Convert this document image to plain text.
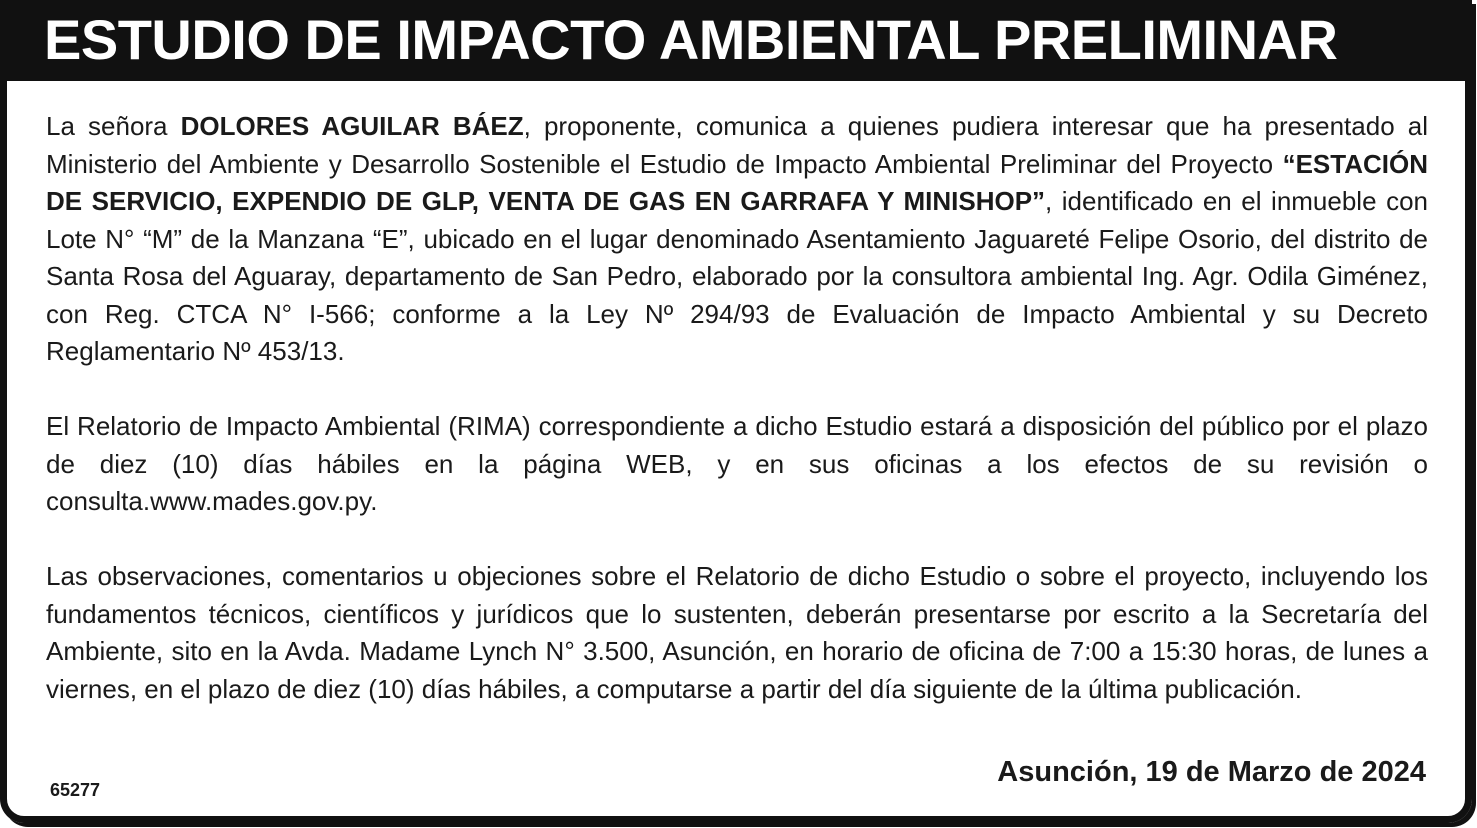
ESTUDIO DE IMPACTO AMBIENTAL PRELIMINAR

La señora DOLORES AGUILAR BÁEZ, proponente, comunica a quienes pudiera interesar que ha presentado al Ministerio del Ambiente y Desarrollo Sostenible el Estudio de Impacto Ambiental Preliminar del Proyecto “ESTACIÓN DE SERVICIO, EXPENDIO DE GLP, VENTA DE GAS EN GARRAFA Y MINISHOP”, identificado en el inmueble con Lote N° “M” de la Manzana “E”, ubicado en el lugar denominado Asentamiento Jaguareté Felipe Osorio, del distrito de Santa Rosa del Aguaray, departamento de San Pedro, elaborado por la consultora ambiental Ing. Agr. Odila Giménez, con Reg. CTCA N° I-566; conforme a la Ley Nº 294/93 de Evaluación de Impacto Ambiental y su Decreto Reglamentario Nº 453/13.

El Relatorio de Impacto Ambiental (RIMA) correspondiente a dicho Estudio estará a disposición del público por el plazo de diez (10) días hábiles en la página WEB, y en sus oficinas a los efectos de su revisión o consulta.www.mades.gov.py.

Las observaciones, comentarios u objeciones sobre el Relatorio de dicho Estudio o sobre el proyecto, incluyendo los fundamentos técnicos, científicos y jurídicos que lo sustenten, deberán presentarse por escrito a la Secretaría del Ambiente, sito en la Avda. Madame Lynch N° 3.500, Asunción, en horario de oficina de 7:00 a 15:30 horas, de lunes a viernes, en el plazo de diez (10) días hábiles, a computarse a partir del día siguiente de la última publicación.

Asunción, 19 de Marzo de 2024

65277
